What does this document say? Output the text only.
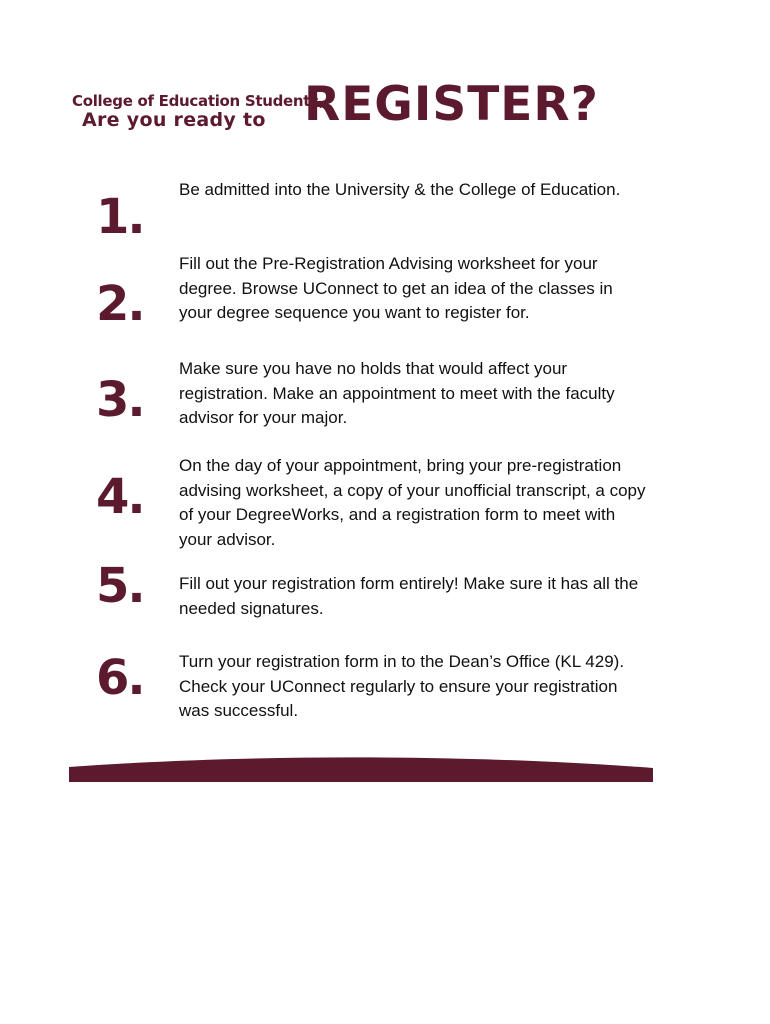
College of Education Students,
Are you ready to REGISTER?
1. Be admitted into the University & the College of Education.
2.
Fill out the Pre-Registration Advising worksheet for your degree. Browse UConnect to get an idea of the classes in your degree sequence you want to register for.
3.
Make sure you have no holds that would affect your registration. Make an appointment to meet with the faculty advisor for your major.
4.
On the day of your appointment, bring your pre-registration advising worksheet, a copy of your unofficial transcript, a copy of your DegreeWorks, and a registration form to meet with your advisor.
5. Fill out your registration form entirely! Make sure it has all the needed signatures.
6. Turn your registration form in to the Dean’s Office (KL 429). Check your UConnect regularly to ensure your registration was successful.
